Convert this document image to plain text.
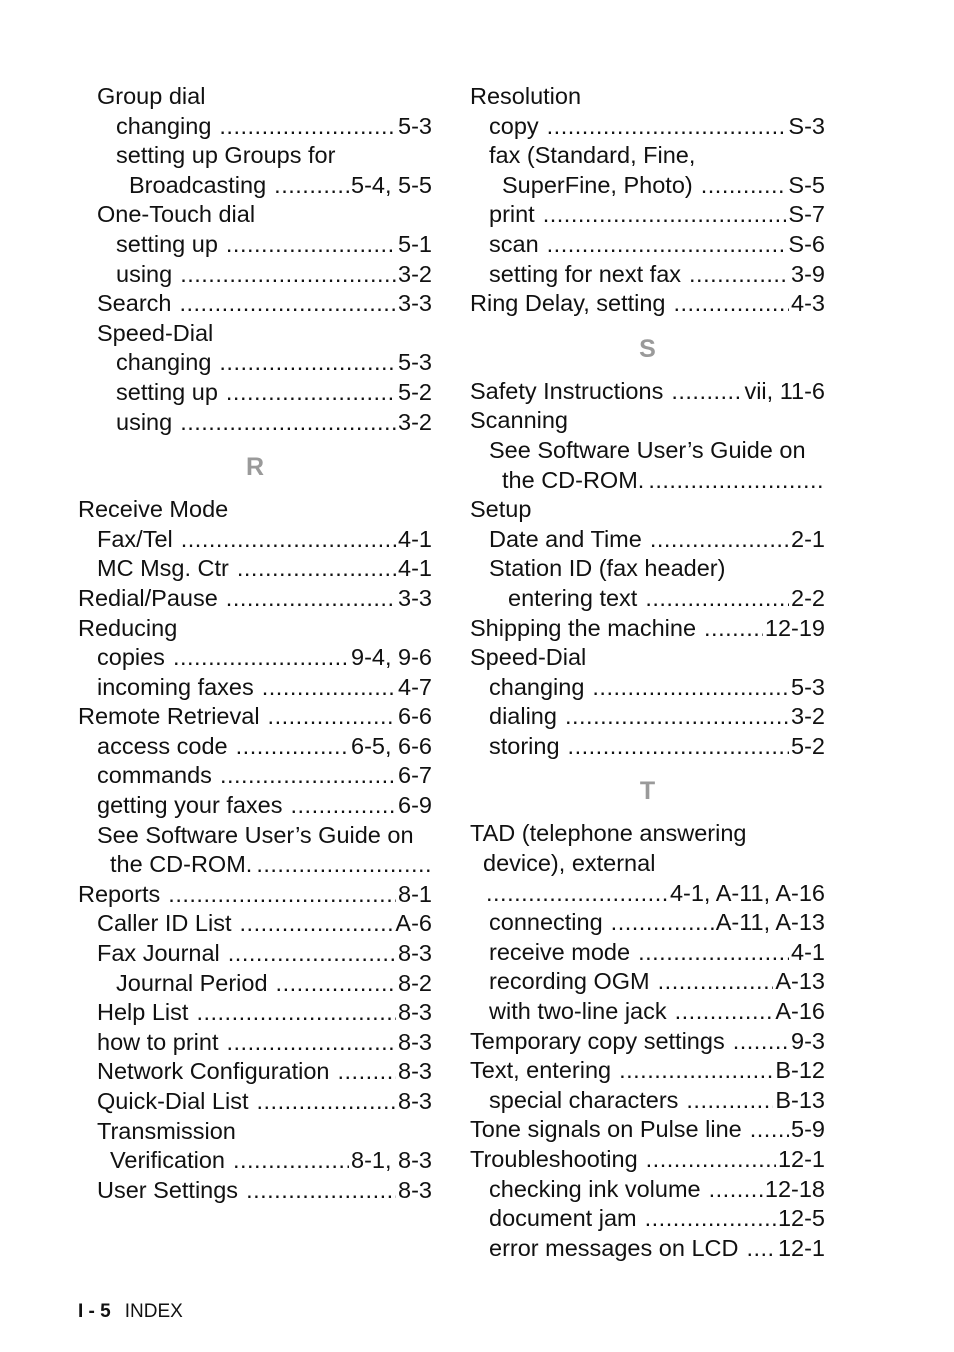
Group dial
changing .....	5-3
setting up Groups for
Broadcasting .....	5-4, 5-5
One-Touch dial
setting up .....	5-1
using .....	3-2
Search .....	3-3
Speed-Dial
changing .....	5-3
setting up .....	5-2
using .....	3-2
R
Receive Mode
Fax/Tel .....	4-1
MC Msg. Ctr .....	4-1
Redial/Pause .....	3-3
Reducing
copies .....	9-4, 9-6
incoming faxes .....	4-7
Remote Retrieval .....	6-6
access code .....	6-5, 6-6
commands .....	6-7
getting your faxes .....	6-9
See Software User’s Guide on
the CD-ROM.
.....
Reports .....	8-1
Caller ID List .....	A-6
Fax Journal .....	8-3
Journal Period .....	8-2
Help List .....	8-3
how to print .....	8-3
Network Configuration .....	8-3
Quick-Dial List .....	8-3
Transmission
Verification .....	8-1, 8-3
User Settings .....	8-3
Resolution
copy .....	S-3
fax (Standard, Fine,
SuperFine, Photo) .....	S-5
print .....	S-7
scan .....	S-6
setting for next fax .....	3-9
Ring Delay, setting .....	4-3
S
Safety Instructions .....	vii, 11-6
Scanning
See Software User’s Guide on
the CD-ROM.
.....
Setup
Date and Time .....	2-1
Station ID (fax header)
entering text .....	2-2
Shipping the machine .....	12-19
Speed-Dial
changing .....	5-3
dialing .....	3-2
storing .....	5-2
T
TAD (telephone answering
device), external
.....
4-1, A-11, A-16
connecting .....	A-11, A-13
receive mode .....	4-1
recording OGM .....	A-13
with two-line jack .....	A-16
Temporary copy settings .....	9-3
Text, entering .....	B-12
special characters .....	B-13
Tone signals on Pulse line ..... 5-9
Troubleshooting .....	12-1
checking ink volume .....	12-18
document jam .....	12-5
error messages on LCD ..... 12-1
I - 5 INDEX
